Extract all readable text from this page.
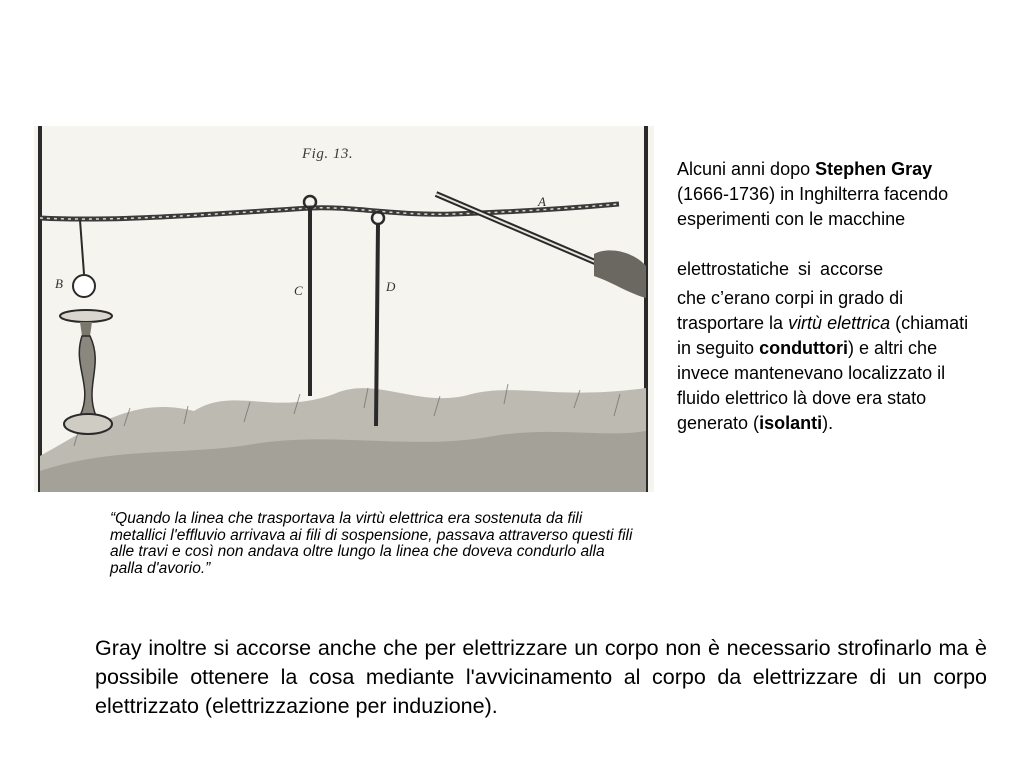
Fig. 13.
A
B	C	D

Alcuni anni dopo Stephen Gray (1666-1736) in Inghilterra facendo esperimenti con le macchine

elettrostatiche si accorse

che c’erano corpi in grado di trasportare la virtù elettrica (chiamati in seguito conduttori) e altri che invece mantenevano localizzato il fluido elettrico là dove era stato generato (isolanti).

“Quando la linea che trasportava la virtù elettrica era sostenuta da fili metallici l'effluvio arrivava ai fili di sospensione, passava attraverso questi fili alle travi e così non andava oltre lungo la linea che doveva condurlo alla palla d'avorio.”
Gray inoltre si accorse anche che per elettrizzare un corpo non è necessario strofinarlo ma è possibile ottenere la cosa mediante l'avvicinamento al corpo da elettrizzare di un corpo elettrizzato (elettrizzazione per induzione).
